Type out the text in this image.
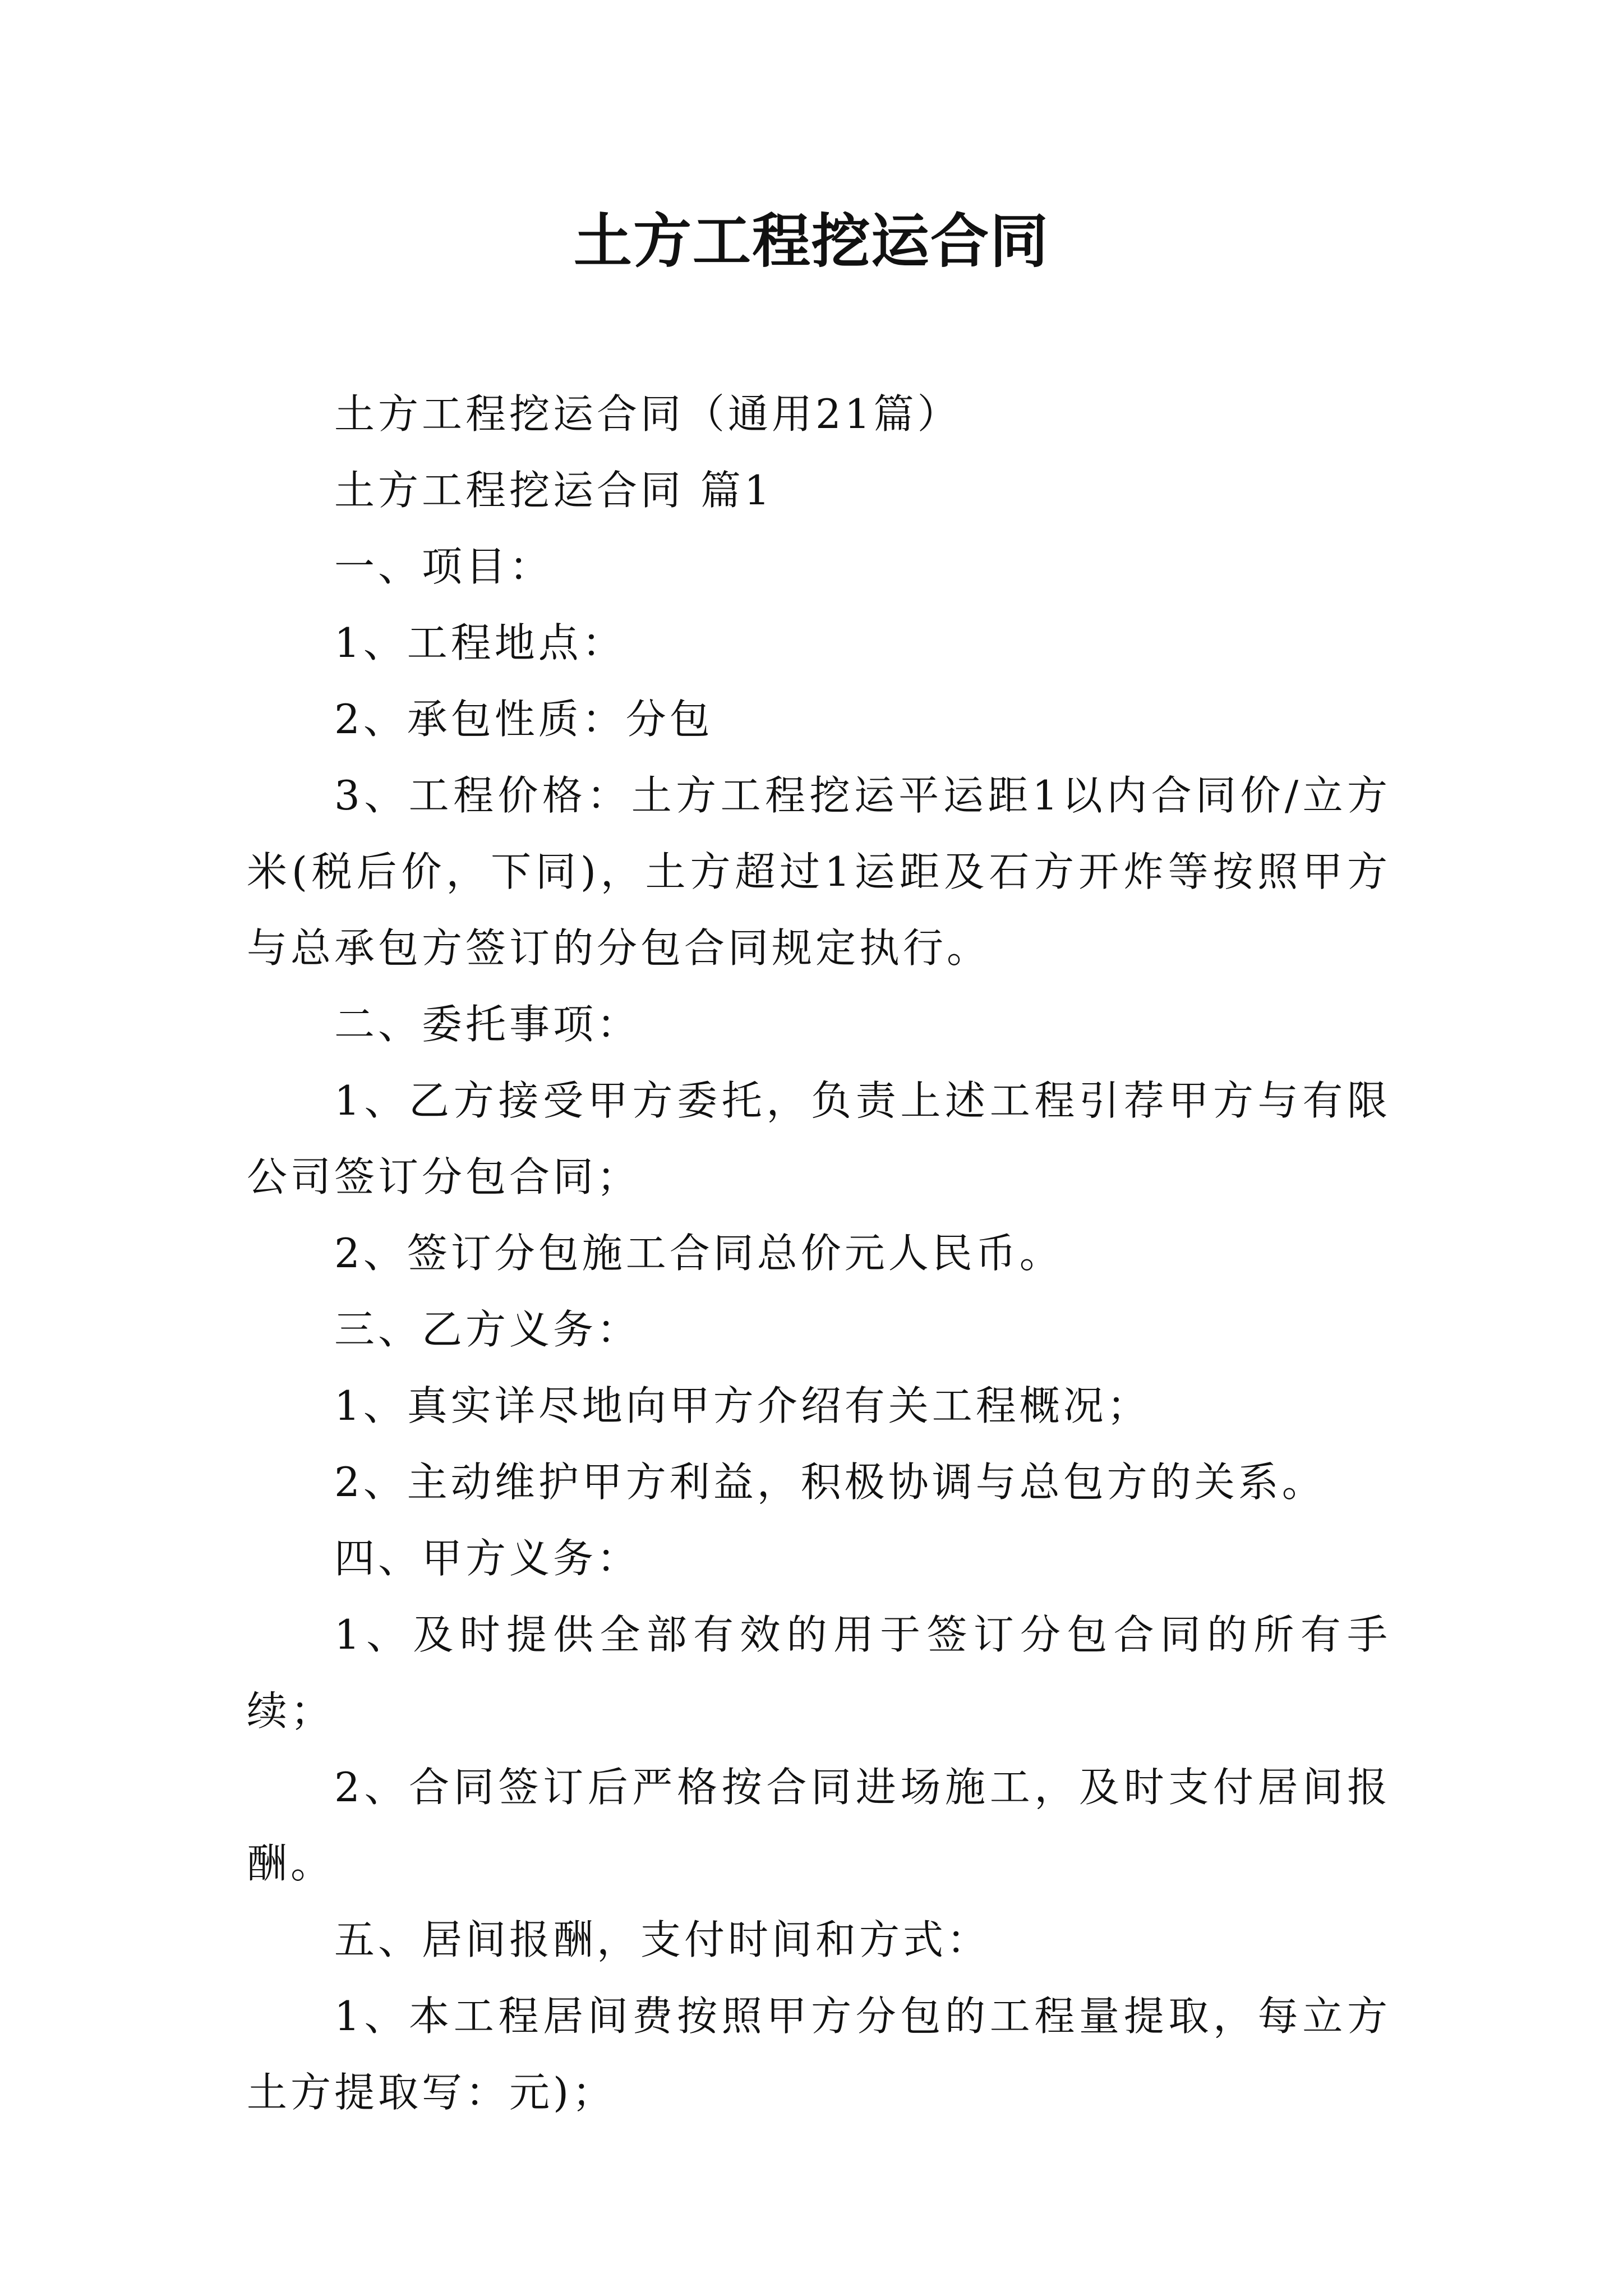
土方工程挖运合同

土方工程挖运合同（通用21篇）

土方工程挖运合同 篇1

一、项目：

1、工程地点：

2、承包性质：分包

3、工程价格：土方工程挖运平运距1以内合同价/立方米(税后价，下同)，土方超过1运距及石方开炸等按照甲方与总承包方签订的分包合同规定执行。

二、委托事项：

1、乙方接受甲方委托，负责上述工程引荐甲方与有限公司签订分包合同；

2、签订分包施工合同总价元人民币。

三、乙方义务：

1、真实详尽地向甲方介绍有关工程概况；

2、主动维护甲方利益，积极协调与总包方的关系。

四、甲方义务：

1、及时提供全部有效的用于签订分包合同的所有手续；

2、合同签订后严格按合同进场施工，及时支付居间报酬。

五、居间报酬，支付时间和方式：

1、本工程居间费按照甲方分包的工程量提取，每立方土方提取写：元)；
